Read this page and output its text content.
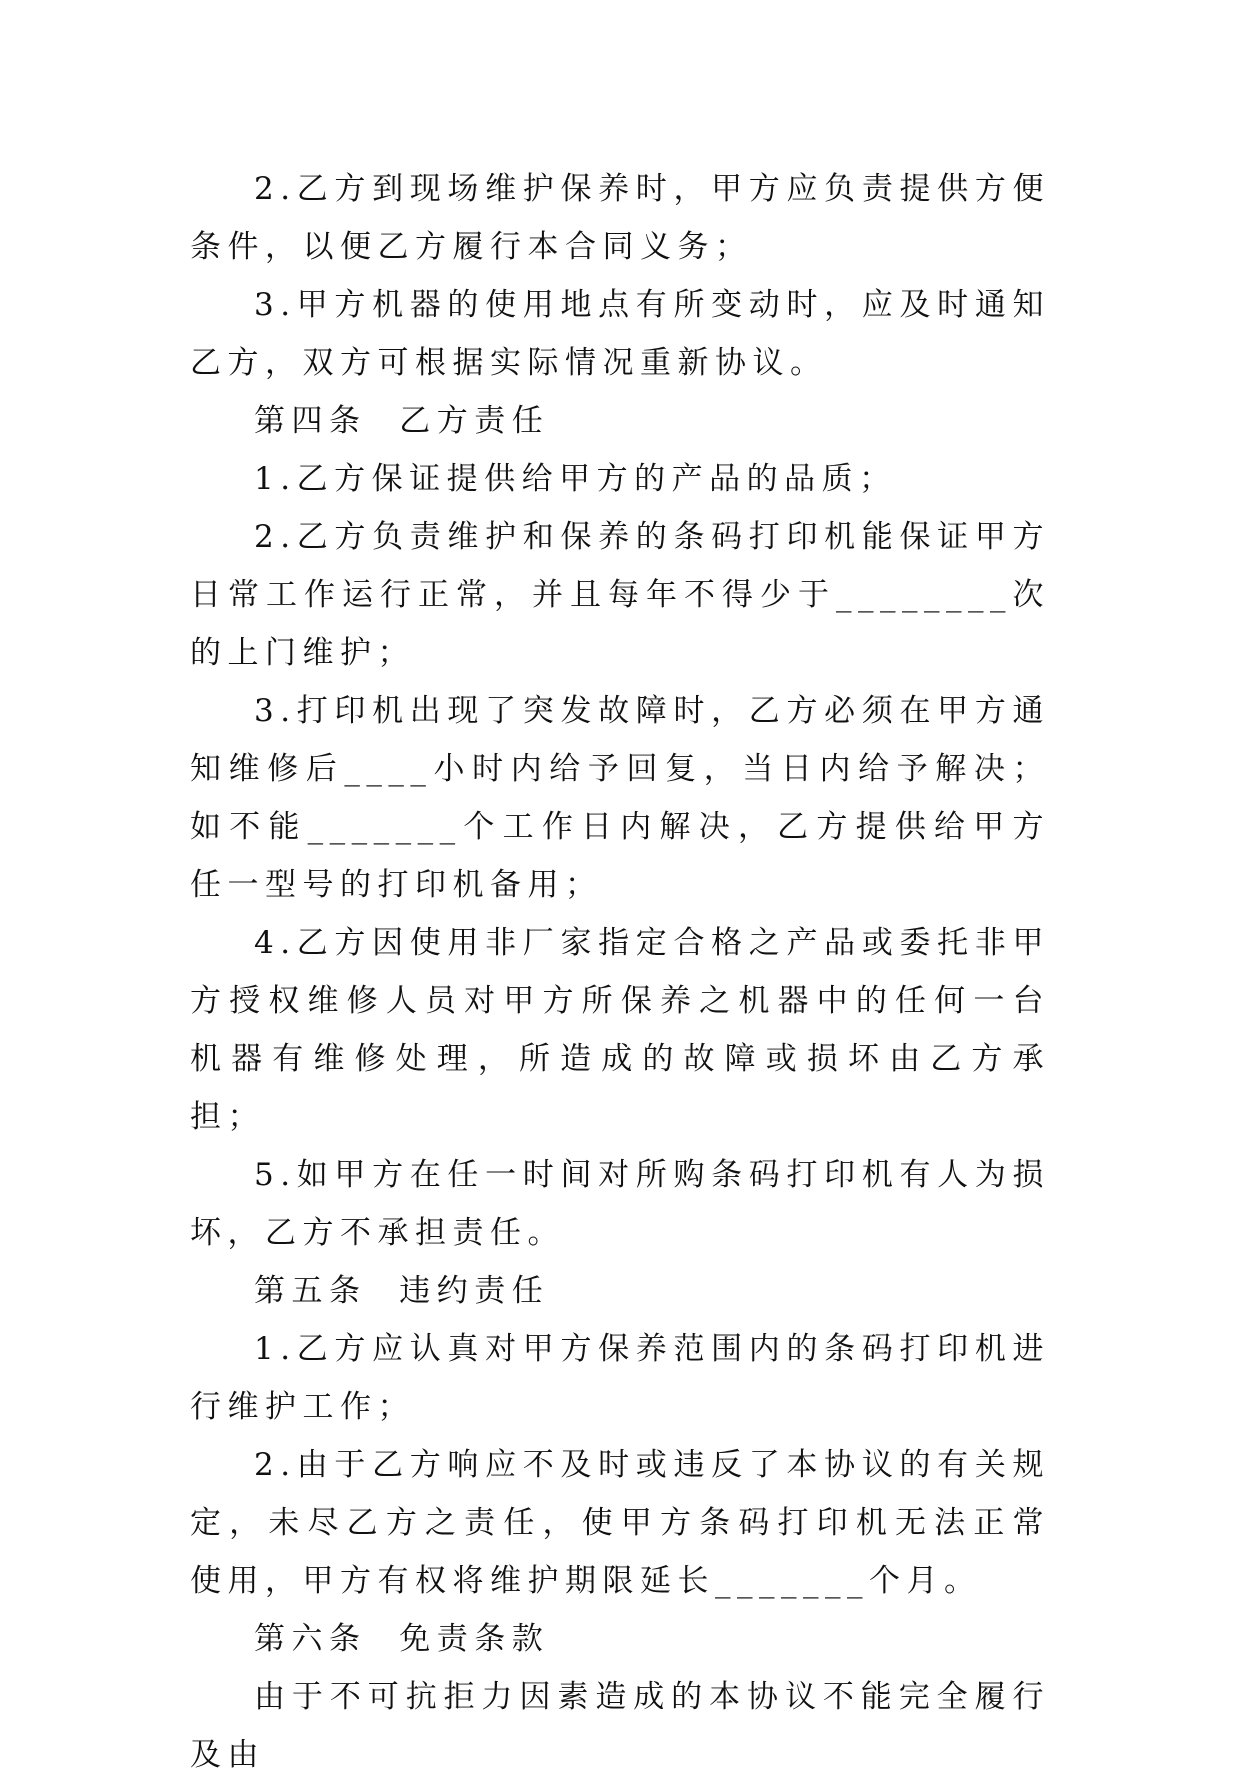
2.乙方到现场维护保养时，甲方应负责提供方便条件，以便乙方履行本合同义务；

3.甲方机器的使用地点有所变动时，应及时通知乙方，双方可根据实际情况重新协议。

第四条  乙方责任

1.乙方保证提供给甲方的产品的品质；

2.乙方负责维护和保养的条码打印机能保证甲方日常工作运行正常，并且每年不得少于________次的上门维护；

3.打印机出现了突发故障时，乙方必须在甲方通知维修后____小时内给予回复，当日内给予解决；如不能_______个工作日内解决，乙方提供给甲方任一型号的打印机备用；

4.乙方因使用非厂家指定合格之产品或委托非甲方授权维修人员对甲方所保养之机器中的任何一台机器有维修处理，所造成的故障或损坏由乙方承担；

5.如甲方在任一时间对所购条码打印机有人为损坏，乙方不承担责任。

第五条  违约责任

1.乙方应认真对甲方保养范围内的条码打印机进行维护工作；

2.由于乙方响应不及时或违反了本协议的有关规定，未尽乙方之责任，使甲方条码打印机无法正常使用，甲方有权将维护期限延长_______个月。

第六条  免责条款

由于不可抗拒力因素造成的本协议不能完全履行及由
